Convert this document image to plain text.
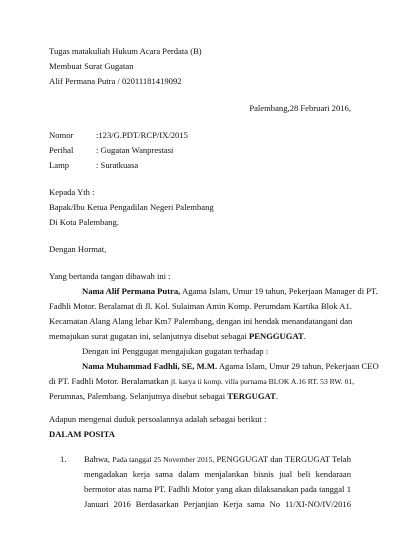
Tugas matakuliah Hukum Acara Perdata (B)
Membuat Surat Gugatan
Alif Permana Putra / 02011181419092
Palembang,28 Februari 2016,
Nomor	:123/G.PDT/RCP/IX/2015
Perihal	: Gugatan Wanprestasi
Lamp	: Suratkuasa
Kepada Yth :
Bapak/Ibu Ketua Pengadilan Negeri Palembang
Di Kota Palembang.
Dengan Hormat,
Yang bertanda tangan dibawah ini :
Nama Alif Permana Putra, Agama Islam, Umur 19 tahun, Pekerjaan Manager di PT.
Fadhli Motor. Beralamat di Jl. Kol. Sulaiman Amin Komp. Perumdam Kartika Blok A1.
Kecamatan Alang Alang lebar Km7 Palembang, dengan ini hendak menandatangani dan
memajukan surat gugatan ini, selanjutnya disebut sebagai PENGGUGAT.
Dengan ini Penggugat mengajukan gugatan terhadap :
Nama Muhammad Fadhli, SE, M.M. Agama Islam, Umur 29 tahun, Pekerjaan CEO
di PT. Fadhli Motor. Beralamatkan jl. karya ii komp. villa purnama BLOK A.16 RT. 53 RW. 01,
Perumnas, Palembang. Selanjutnya disebut sebagai TERGUGAT.
Adapun mengenai duduk persoalannya adalah sebagai berikut :
DALAM POSITA
1. Bahwa, Pada tanggal 25 November 2015, PENGGUGAT dan TERGUGAT Telah
mengadakan kerja sama dalam menjalankan bisnis jual beli kendaraan
bermotor atas nama PT. Fadhli Motor yang akan dilaksanakan pada tanggal 1
Januari 2016 Berdasarkan Perjanjian Kerja sama No 11/XI-NO/IV/2016
